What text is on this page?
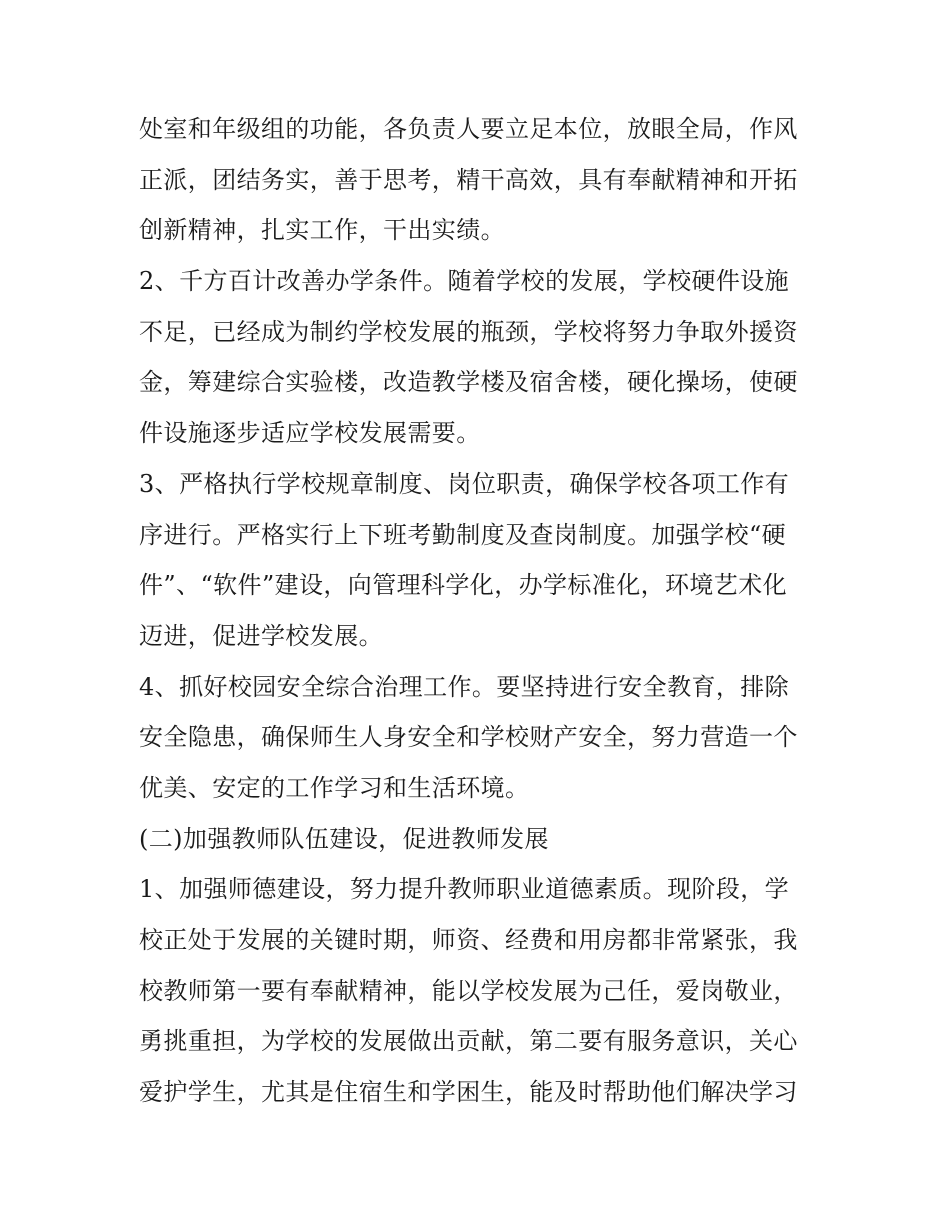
处室和年级组的功能，各负责人要立足本位，放眼全局，作风
正派，团结务实，善于思考，精干高效，具有奉献精神和开拓
创新精神，扎实工作，干出实绩。
2、千方百计改善办学条件。随着学校的发展，学校硬件设施
不足，已经成为制约学校发展的瓶颈，学校将努力争取外援资
金，筹建综合实验楼，改造教学楼及宿舍楼，硬化操场，使硬
件设施逐步适应学校发展需要。
3、严格执行学校规章制度、岗位职责，确保学校各项工作有
序进行。严格实行上下班考勤制度及查岗制度。加强学校“硬
件”、“软件”建设，向管理科学化，办学标准化，环境艺术化
迈进，促进学校发展。
4、抓好校园安全综合治理工作。要坚持进行安全教育，排除
安全隐患，确保师生人身安全和学校财产安全，努力营造一个
优美、安定的工作学习和生活环境。
(二)加强教师队伍建设，促进教师发展
1、加强师德建设，努力提升教师职业道德素质。现阶段，学
校正处于发展的关键时期，师资、经费和用房都非常紧张，我
校教师第一要有奉献精神，能以学校发展为己任，爱岗敬业，
勇挑重担，为学校的发展做出贡献，第二要有服务意识，关心
爱护学生，尤其是住宿生和学困生，能及时帮助他们解决学习
